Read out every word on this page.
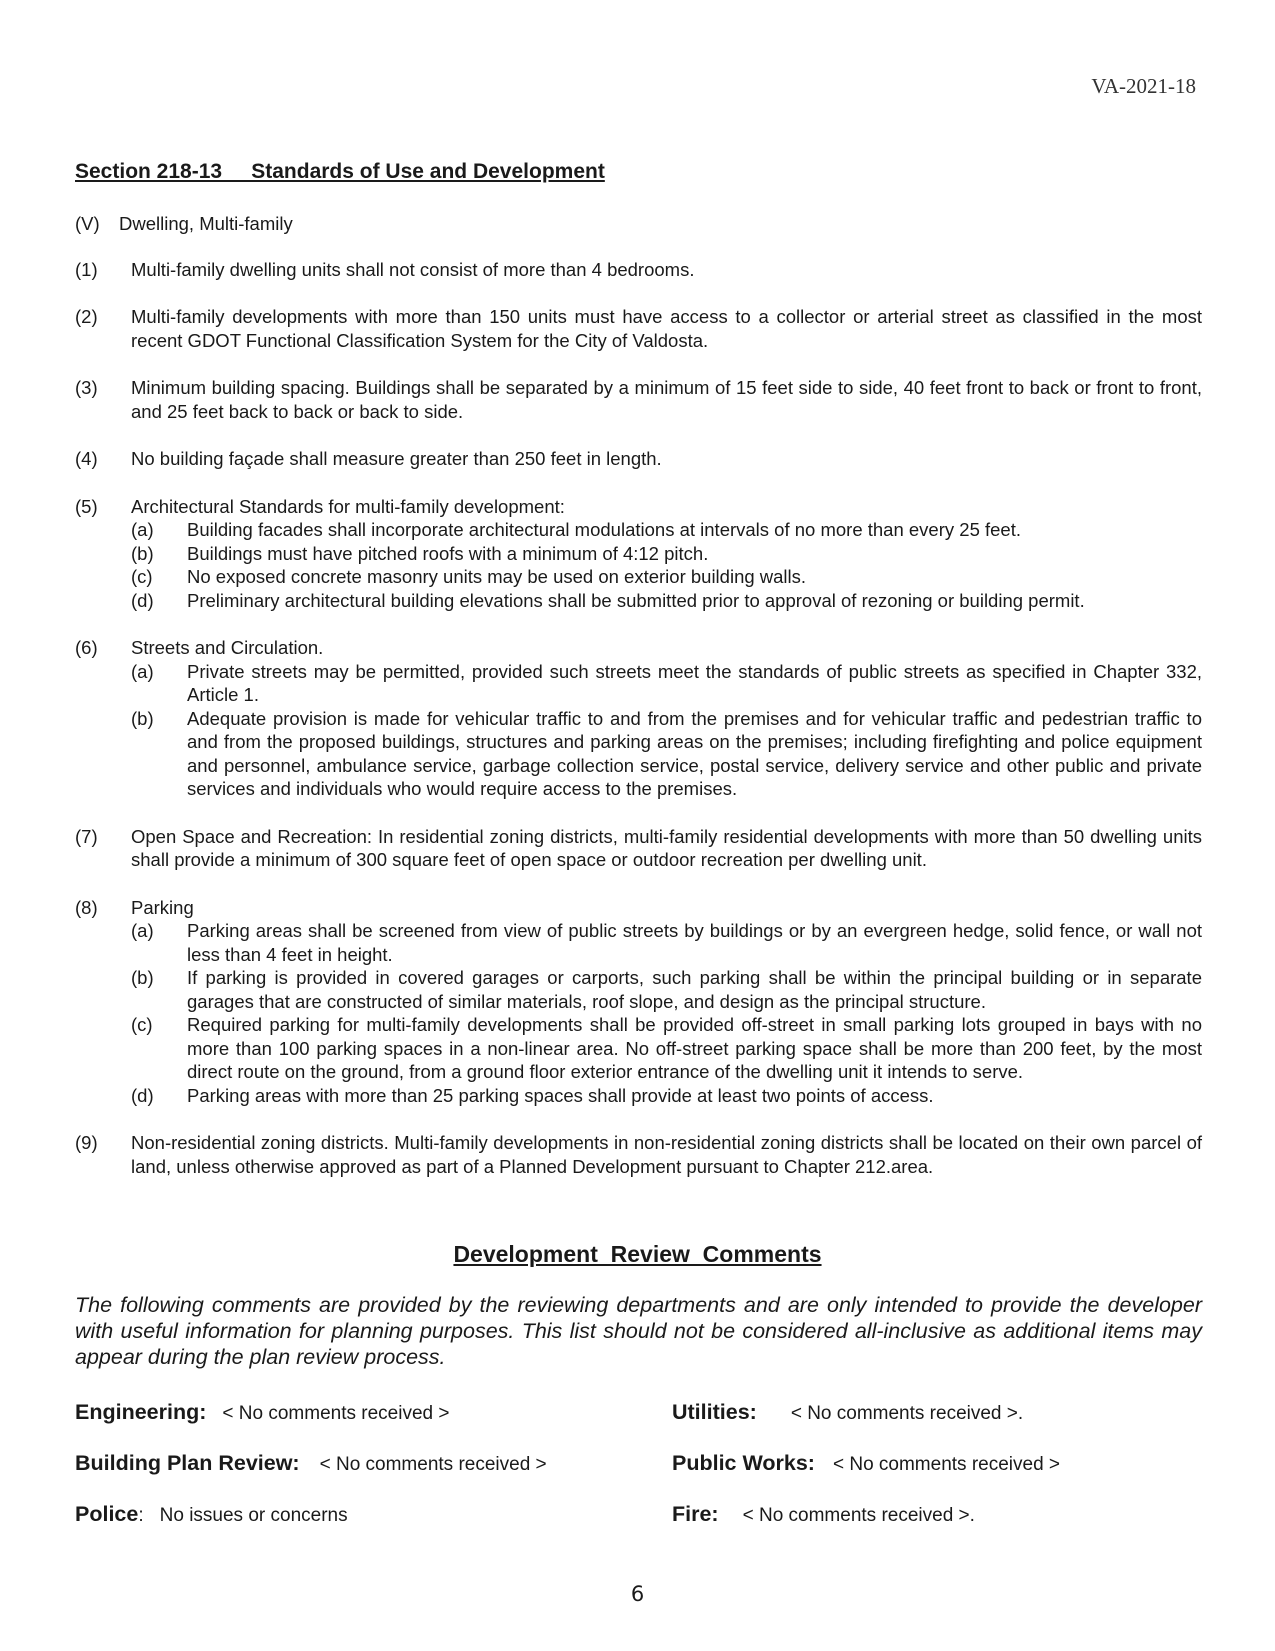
VA-2021-18
Section 218-13     Standards of Use and Development
(V) Dwelling, Multi-family
(1)	Multi-family dwelling units shall not consist of more than 4 bedrooms.
(2)	Multi-family developments with more than 150 units must have access to a collector or arterial street as classified in the most recent GDOT Functional Classification System for the City of Valdosta.
(3)	Minimum building spacing. Buildings shall be separated by a minimum of 15 feet side to side, 40 feet front to back or front to front, and 25 feet back to back or back to side.
(4)	No building façade shall measure greater than 250 feet in length.
(5)	Architectural Standards for multi-family development:
(a)	Building facades shall incorporate architectural modulations at intervals of no more than every 25 feet.
(b)	Buildings must have pitched roofs with a minimum of 4:12 pitch.
(c)	No exposed concrete masonry units may be used on exterior building walls.
(d)	Preliminary architectural building elevations shall be submitted prior to approval of rezoning or building permit.
(6)	Streets and Circulation.
(a)	Private streets may be permitted, provided such streets meet the standards of public streets as specified in Chapter 332, Article 1.
(b)	Adequate provision is made for vehicular traffic to and from the premises and for vehicular traffic and pedestrian traffic to and from the proposed buildings, structures and parking areas on the premises; including firefighting and police equipment and personnel, ambulance service, garbage collection service, postal service, delivery service and other public and private services and individuals who would require access to the premises.
(7)	Open Space and Recreation: In residential zoning districts, multi-family residential developments with more than 50 dwelling units shall provide a minimum of 300 square feet of open space or outdoor recreation per dwelling unit.
(8)	Parking
(a)	Parking areas shall be screened from view of public streets by buildings or by an evergreen hedge, solid fence, or wall not less than 4 feet in height.
(b)	If parking is provided in covered garages or carports, such parking shall be within the principal building or in separate garages that are constructed of similar materials, roof slope, and design as the principal structure.
(c)	Required parking for multi-family developments shall be provided off-street in small parking lots grouped in bays with no more than 100 parking spaces in a non-linear area. No off-street parking space shall be more than 200 feet, by the most direct route on the ground, from a ground floor exterior entrance of the dwelling unit it intends to serve.
(d)	Parking areas with more than 25 parking spaces shall provide at least two points of access.
(9)	Non-residential zoning districts. Multi-family developments in non-residential zoning districts shall be located on their own parcel of land, unless otherwise approved as part of a Planned Development pursuant to Chapter 212.area.
Development  Review  Comments
The following comments are provided by the reviewing departments and are only intended to provide the developer with useful information for planning purposes. This list should not be considered all-inclusive as additional items may appear during the plan review process.
Engineering: < No comments received >	Utilities: < No comments received >.
Building Plan Review: < No comments received >	Public Works: < No comments received >
Police: No issues or concerns	Fire: < No comments received >.
6
